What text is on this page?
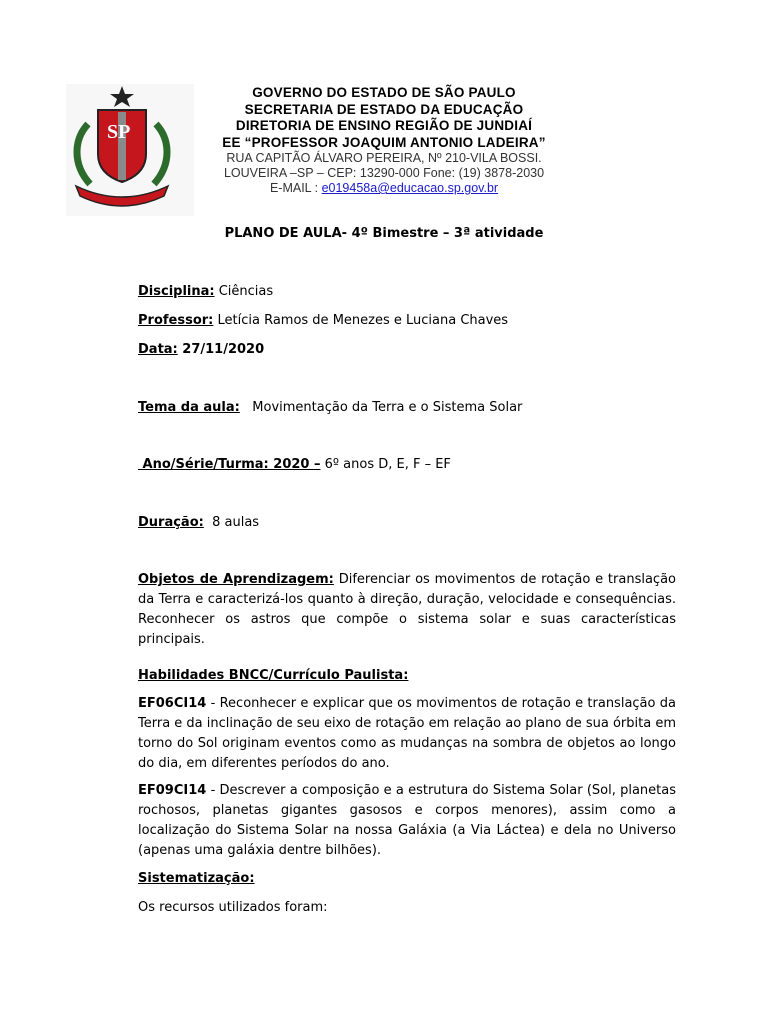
SP
GOVERNO DO ESTADO DE SÃO PAULO
SECRETARIA DE ESTADO DA EDUCAÇÃO
DIRETORIA DE ENSINO REGIÃO DE JUNDIAÍ
EE “PROFESSOR JOAQUIM ANTONIO LADEIRA”
RUA CAPITÃO ÁLVARO PEREIRA, Nº 210-VILA BOSSI.
LOUVEIRA –SP – CEP: 13290-000 Fone: (19) 3878-2030
E-MAIL : e019458a@educacao.sp.gov.br
PLANO DE AULA- 4º Bimestre – 3ª atividade
Disciplina: Ciências
Professor: Letícia Ramos de Menezes e Luciana Chaves
Data: 27/11/2020
Tema da aula:   Movimentação da Terra e o Sistema Solar
Ano/Série/Turma: 2020 – 6º anos D, E, F – EF
Duração:  8 aulas
Objetos de Aprendizagem: Diferenciar os movimentos de rotação e translação da Terra e caracterizá-los quanto à direção, duração, velocidade e consequências. Reconhecer os astros que compõe o sistema solar e suas características principais.
Habilidades BNCC/Currículo Paulista:
EF06CI14 - Reconhecer e explicar que os movimentos de rotação e translação da Terra e da inclinação de seu eixo de rotação em relação ao plano de sua órbita em torno do Sol originam eventos como as mudanças na sombra de objetos ao longo do dia, em diferentes períodos do ano.
EF09CI14 - Descrever a composição e a estrutura do Sistema Solar (Sol, planetas rochosos, planetas gigantes gasosos e corpos menores), assim como a localização do Sistema Solar na nossa Galáxia (a Via Láctea) e dela no Universo (apenas uma galáxia dentre bilhões).
Sistematização:
Os recursos utilizados foram:
